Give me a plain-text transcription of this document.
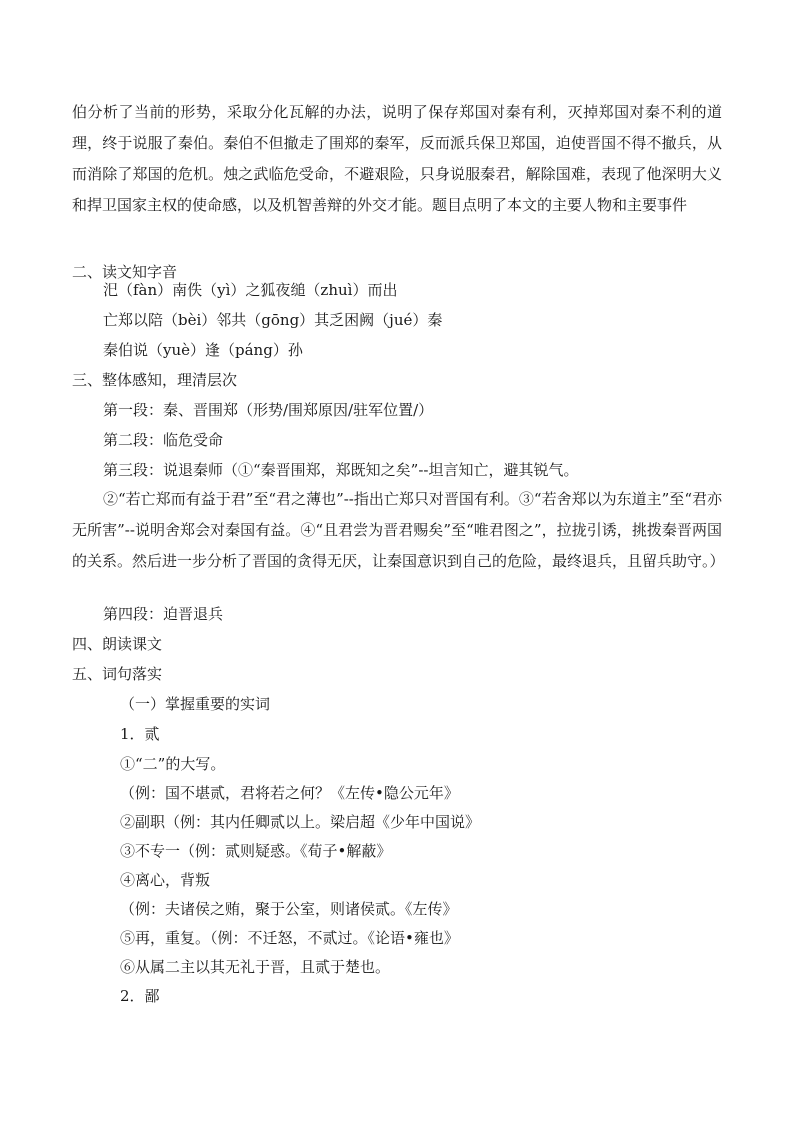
伯分析了当前的形势，采取分化瓦解的办法，说明了保存郑国对秦有利，灭掉郑国对秦不利的道理，终于说服了秦伯。秦伯不但撤走了围郑的秦军，反而派兵保卫郑国，迫使晋国不得不撤兵，从而消除了郑国的危机。烛之武临危受命，不避艰险，只身说服秦君，解除国难，表现了他深明大义和捍卫国家主权的使命感，以及机智善辩的外交才能。题目点明了本文的主要人物和主要事件

二、读文知字音
汜（fàn）南佚（yì）之狐夜缒（zhuì）而出
亡郑以陪（bèi）邻共（gōng）其乏困阙（jué）秦
秦伯说（yuè）逢（páng）孙
三、整体感知，理清层次
第一段：秦、晋围郑（形势/围郑原因/驻军位置/）
第二段：临危受命
第三段：说退秦师（①“秦晋围郑，郑既知之矣”--坦言知亡，避其锐气。

②“若亡郑而有益于君”至“君之薄也”--指出亡郑只对晋国有利。③“若舍郑以为东道主”至“君亦无所害”--说明舍郑会对秦国有益。④“且君尝为晋君赐矣”至“唯君图之”，拉拢引诱，挑拨秦晋两国的关系。然后进一步分析了晋国的贪得无厌，让秦国意识到自己的危险，最终退兵，且留兵助守。）

第四段：迫晋退兵
四、朗读课文
五、词句落实
（一）掌握重要的实词
1．贰
①“二”的大写。
（例：国不堪贰，君将若之何？《左传•隐公元年》
②副职（例：其内任卿贰以上。梁启超《少年中国说》
③不专一（例：贰则疑惑。《荀子•解蔽》
④离心，背叛
（例：夫诸侯之贿，聚于公室，则诸侯贰。《左传》
⑤再，重复。（例：不迁怒，不贰过。《论语•雍也》
⑥从属二主以其无礼于晋，且贰于楚也。
2．鄙
